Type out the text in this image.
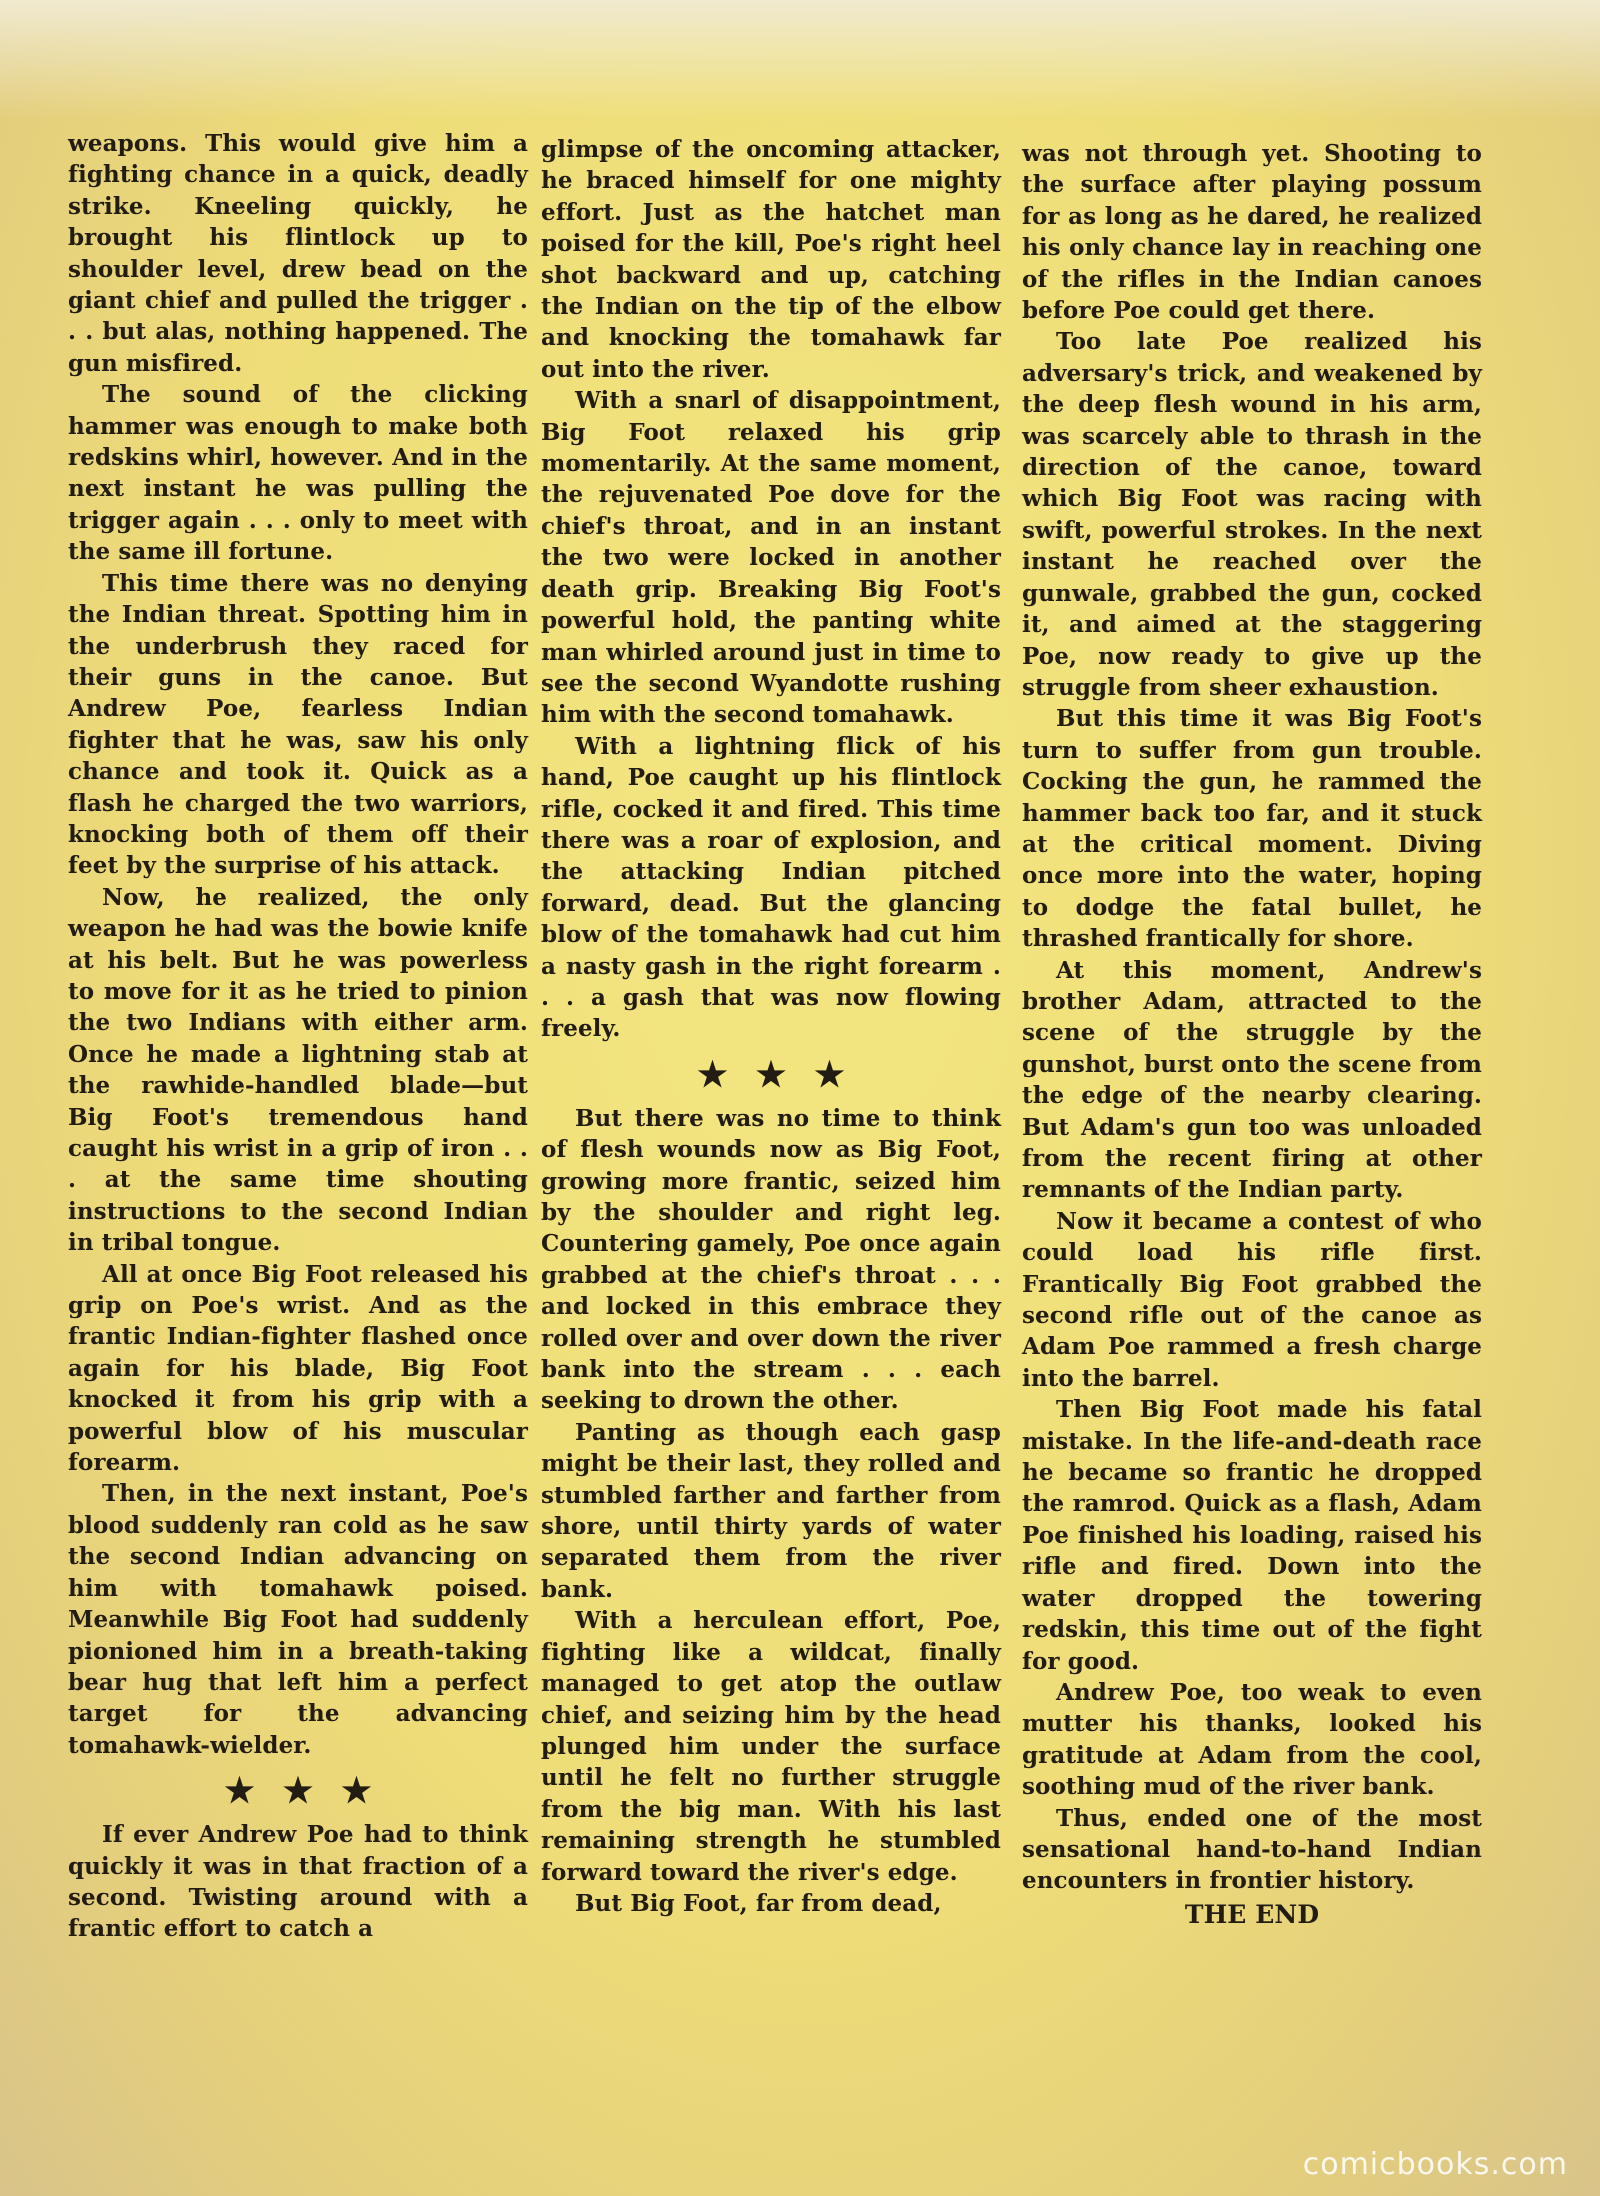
weapons. This would give him a fighting chance in a quick, deadly strike. Kneeling quickly, he brought his flintlock up to shoulder level, drew bead on the giant chief and pulled the trigger . . . but alas, nothing happened. The gun misfired.

The sound of the clicking hammer was enough to make both redskins whirl, however. And in the next instant he was pulling the trigger again . . . only to meet with the same ill fortune.

This time there was no denying the Indian threat. Spotting him in the underbrush they raced for their guns in the canoe. But Andrew Poe, fearless Indian fighter that he was, saw his only chance and took it. Quick as a flash he charged the two warriors, knocking both of them off their feet by the surprise of his attack.

Now, he realized, the only weapon he had was the bowie knife at his belt. But he was powerless to move for it as he tried to pinion the two Indians with either arm. Once he made a lightning stab at the rawhide-handled blade—but Big Foot's tremendous hand caught his wrist in a grip of iron . . . at the same time shouting instructions to the second Indian in tribal tongue.

All at once Big Foot released his grip on Poe's wrist. And as the frantic Indian-fighter flashed once again for his blade, Big Foot knocked it from his grip with a powerful blow of his muscular forearm.

Then, in the next instant, Poe's blood suddenly ran cold as he saw the second Indian advancing on him with tomahawk poised. Meanwhile Big Foot had suddenly pionioned him in a breath-taking bear hug that left him a perfect target for the advancing tomahawk-wielder.

★★★

If ever Andrew Poe had to think quickly it was in that fraction of a second. Twisting around with a frantic effort to catch a

glimpse of the oncoming attacker, he braced himself for one mighty effort. Just as the hatchet man poised for the kill, Poe's right heel shot backward and up, catching the Indian on the tip of the elbow and knocking the tomahawk far out into the river.

With a snarl of disappointment, Big Foot relaxed his grip momentarily. At the same moment, the rejuvenated Poe dove for the chief's throat, and in an instant the two were locked in another death grip. Breaking Big Foot's powerful hold, the panting white man whirled around just in time to see the second Wyandotte rushing him with the second tomahawk.

With a lightning flick of his hand, Poe caught up his flintlock rifle, cocked it and fired. This time there was a roar of explosion, and the attacking Indian pitched forward, dead. But the glancing blow of the tomahawk had cut him a nasty gash in the right forearm . . . a gash that was now flowing freely.

★★★

But there was no time to think of flesh wounds now as Big Foot, growing more frantic, seized him by the shoulder and right leg. Countering gamely, Poe once again grabbed at the chief's throat . . . and locked in this embrace they rolled over and over down the river bank into the stream . . . each seeking to drown the other.

Panting as though each gasp might be their last, they rolled and stumbled farther and farther from shore, until thirty yards of water separated them from the river bank.

With a herculean effort, Poe, fighting like a wildcat, finally managed to get atop the outlaw chief, and seizing him by the head plunged him under the surface until he felt no further struggle from the big man. With his last remaining strength he stumbled forward toward the river's edge.

But Big Foot, far from dead,

was not through yet. Shooting to the surface after playing possum for as long as he dared, he realized his only chance lay in reaching one of the rifles in the Indian canoes before Poe could get there.

Too late Poe realized his adversary's trick, and weakened by the deep flesh wound in his arm, was scarcely able to thrash in the direction of the canoe, toward which Big Foot was racing with swift, powerful strokes. In the next instant he reached over the gunwale, grabbed the gun, cocked it, and aimed at the staggering Poe, now ready to give up the struggle from sheer exhaustion.

But this time it was Big Foot's turn to suffer from gun trouble. Cocking the gun, he rammed the hammer back too far, and it stuck at the critical moment. Diving once more into the water, hoping to dodge the fatal bullet, he thrashed frantically for shore.

At this moment, Andrew's brother Adam, attracted to the scene of the struggle by the gunshot, burst onto the scene from the edge of the nearby clearing. But Adam's gun too was unloaded from the recent firing at other remnants of the Indian party.

Now it became a contest of who could load his rifle first. Frantically Big Foot grabbed the second rifle out of the canoe as Adam Poe rammed a fresh charge into the barrel.

Then Big Foot made his fatal mistake. In the life-and-death race he became so frantic he dropped the ramrod. Quick as a flash, Adam Poe finished his loading, raised his rifle and fired. Down into the water dropped the towering redskin, this time out of the fight for good.

Andrew Poe, too weak to even mutter his thanks, looked his gratitude at Adam from the cool, soothing mud of the river bank.

Thus, ended one of the most sensational hand-to-hand Indian encounters in frontier history.

THE END
comicbooks.com
